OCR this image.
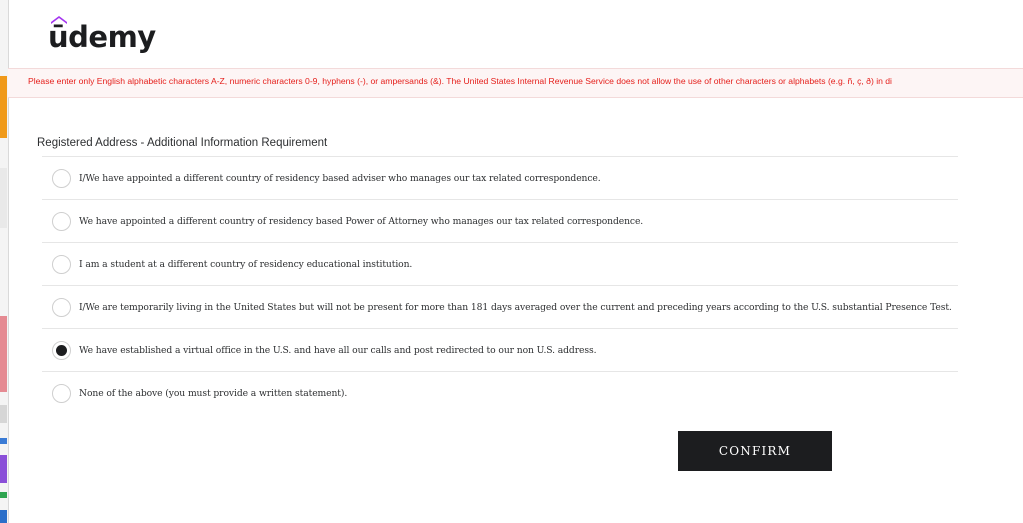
ūdemy
Please enter only English alphabetic characters A-Z, numeric characters 0-9, hyphens (-), or ampersands (&). The United States Internal Revenue Service does not allow the use of other characters or alphabets (e.g. ñ, ç, ð) in di
Registered Address - Additional Information Requirement
I/We have appointed a different country of residency based adviser who manages our tax related correspondence.
We have appointed a different country of residency based Power of Attorney who manages our tax related correspondence.
I am a student at a different country of residency educational institution.
I/We are temporarily living in the United States but will not be present for more than 181 days averaged over the current and preceding years according to the U.S. substantial Presence Test.
We have established a virtual office in the U.S. and have all our calls and post redirected to our non U.S. address.
None of the above (you must provide a written statement).
CONFIRM
